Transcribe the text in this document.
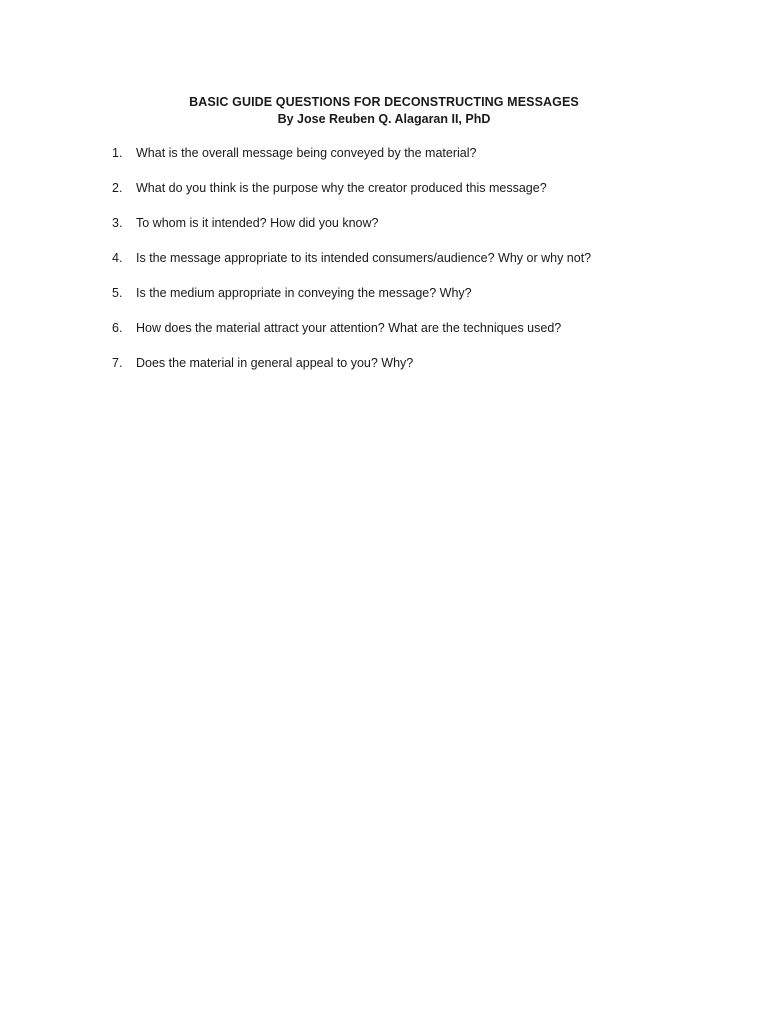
BASIC GUIDE QUESTIONS FOR DECONSTRUCTING MESSAGES

By Jose Reuben Q. Alagaran II, PhD

1.	What is the overall message being conveyed by the material?
2.	What do you think is the purpose why the creator produced this message?
3.	To whom is it intended? How did you know?
4.	Is the message appropriate to its intended consumers/audience? Why or why not?
5.	Is the medium appropriate in conveying the message? Why?
6.	How does the material attract your attention? What are the techniques used?
7.	Does the material in general appeal to you? Why?
